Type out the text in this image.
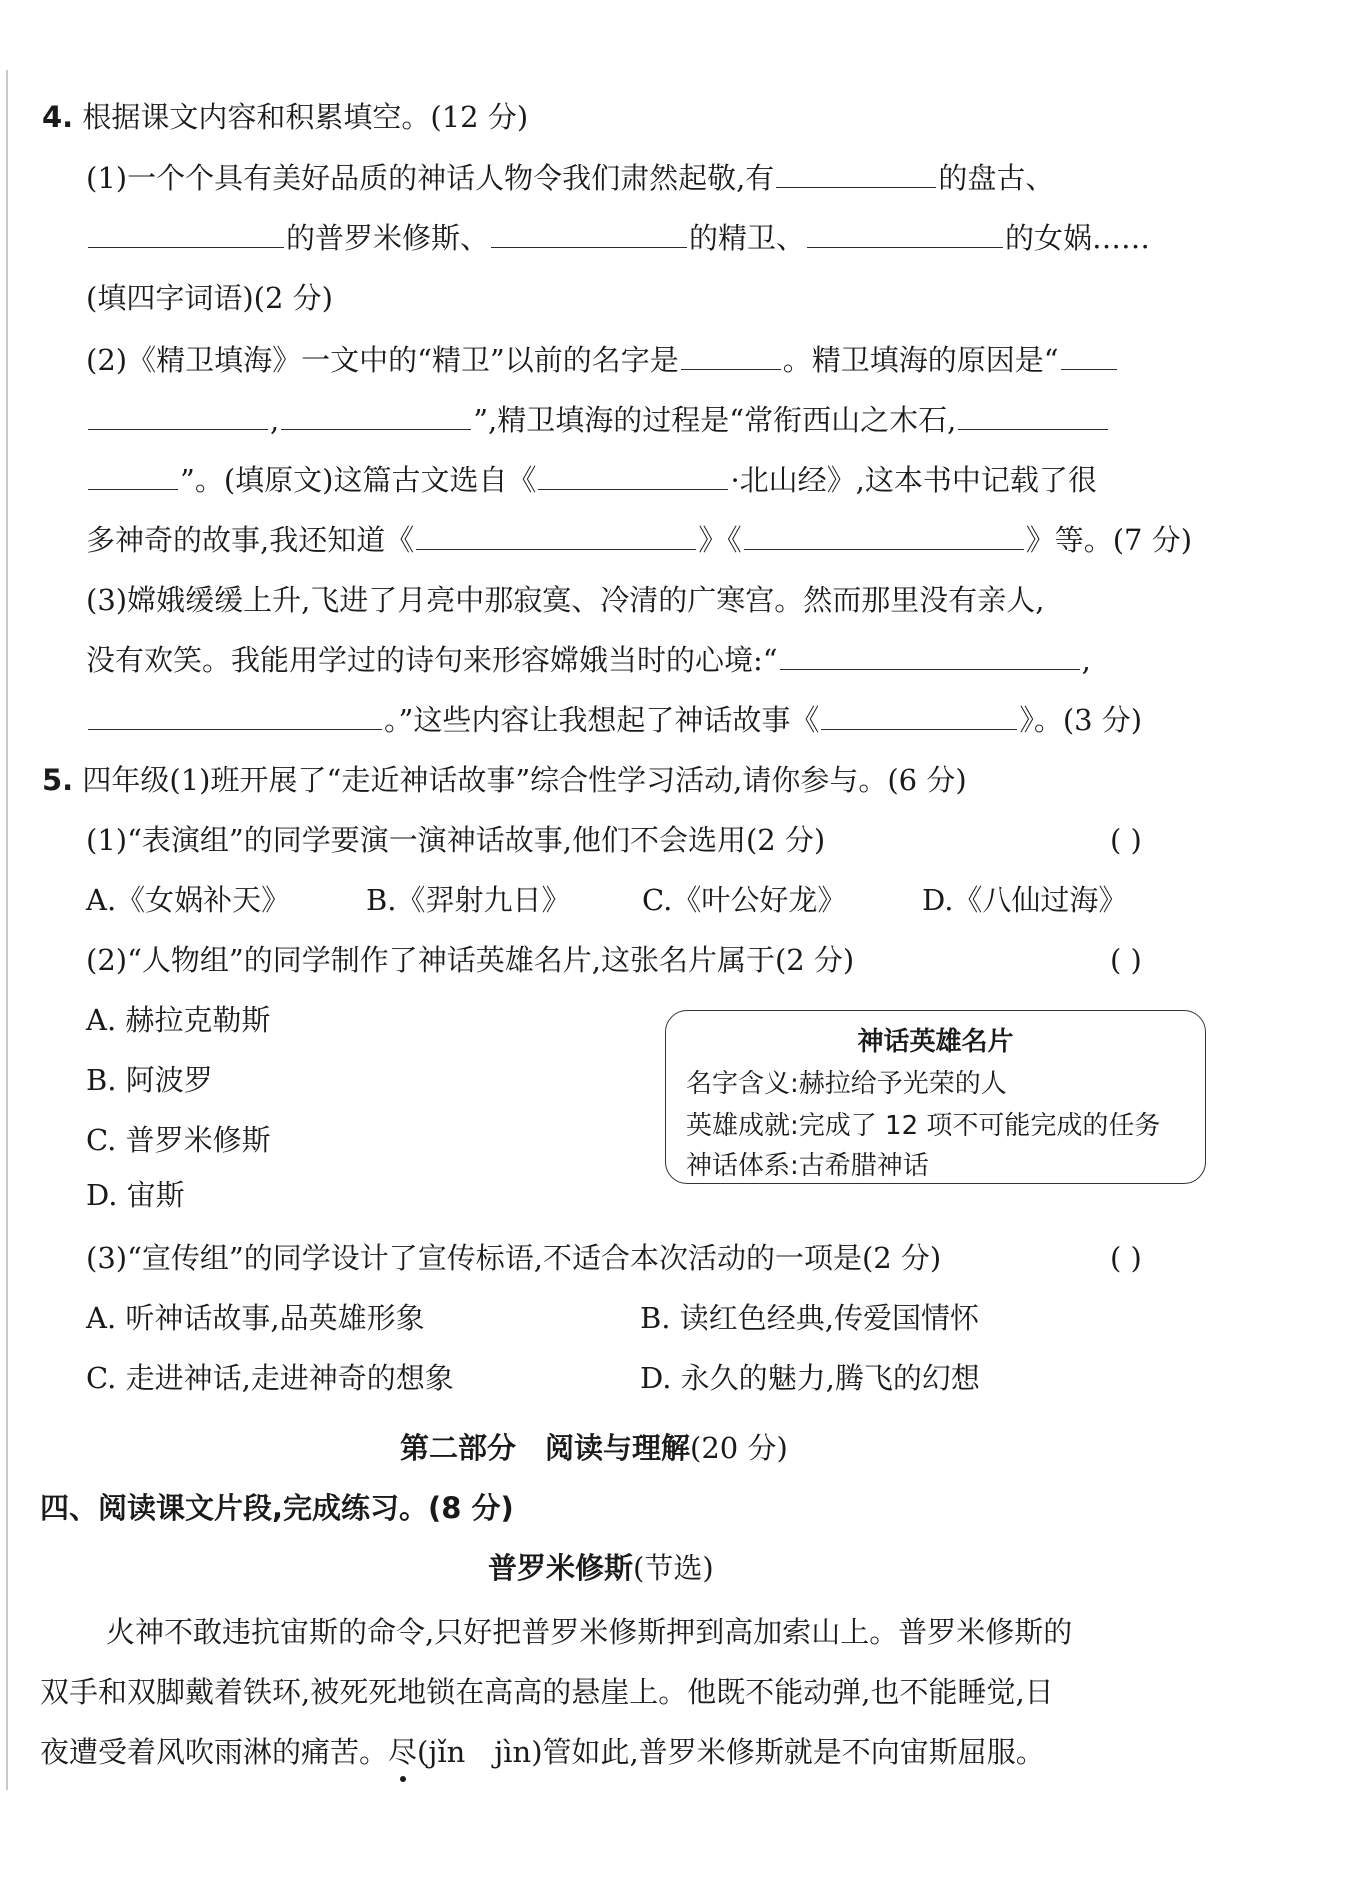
4. 根据课文内容和积累填空。(12 分)
(1)一个个具有美好品质的神话人物令我们肃然起敬,有	的盘古、
的普罗米修斯、	的精卫、	的女娲……
(填四字词语)(2 分)
(2)《精卫填海》一文中的“精卫”以前的名字是	。精卫填海的原因是“
,	”,精卫填海的过程是“常衔西山之木石,
”。(填原文)这篇古文选自《	·北山经》,这本书中记载了很
多神奇的故事,我还知道《	》《	》等。(7 分)
(3)嫦娥缓缓上升,飞进了月亮中那寂寞、冷清的广寒宫。然而那里没有亲人,
没有欢笑。我能用学过的诗句来形容嫦娥当时的心境:“	,
。”这些内容让我想起了神话故事《	》。(3 分)
5. 四年级(1)班开展了“走近神话故事”综合性学习活动,请你参与。(6 分)
(1)“表演组”的同学要演一演神话故事,他们不会选用(2 分)	( )
A.《女娲补天》	B.《羿射九日》 C.《叶公好龙》	D.《八仙过海》
(2)“人物组”的同学制作了神话英雄名片,这张名片属于(2 分)	( )
A. 赫拉克勒斯
B. 阿波罗
C. 普罗米修斯
D. 宙斯
神话英雄名片
名字含义:赫拉给予光荣的人
英雄成就:完成了 12 项不可能完成的任务
神话体系:古希腊神话
(3)“宣传组”的同学设计了宣传标语,不适合本次活动的一项是(2 分)	( )
A. 听神话故事,品英雄形象	B. 读红色经典,传爱国情怀
C. 走进神话,走进神奇的想象	D. 永久的魅力,腾飞的幻想
第二部分　阅读与理解(20 分)
四、阅读课文片段,完成练习。(8 分)
普罗米修斯(节选)
火神不敢违抗宙斯的命令,只好把普罗米修斯押到高加索山上。普罗米修斯的
双手和双脚戴着铁环,被死死地锁在高高的悬崖上。他既不能动弹,也不能睡觉,日
夜遭受着风吹雨淋的痛苦。尽(jǐn　jìn)管如此,普罗米修斯就是不向宙斯屈服。
